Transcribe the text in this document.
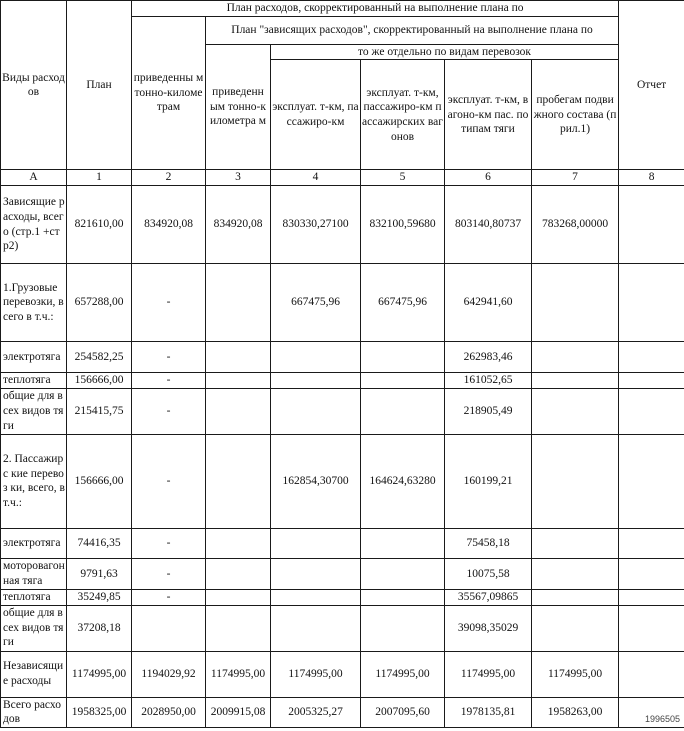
Виды расходов	План	План расходов, скорректированный на выполнение плана по						Отчет
		приведенны м тонно-километрам	План "зависящих расходов", скорректированный на выполнение плана по					
			приведенн ым тонно-километра м	то же отдельно по видам перевозок				
				эксплуат. т-км, пассажиро-км	эксплуат. т-км, пассажиро-км пассажирских вагонов	эксплуат. т-км, вагоно-км пас. по типам тяги	пробегам подвижного состава (прил.1)	
А	1	2	3	4	5	6	7	8
Зависящие расходы, всего (стр.1 +стр2)	821610,00	834920,08	834920,08	830330,27100	832100,59680	803140,80737	783268,00000	
1.Грузовые перевозки, всего в т.ч.:	657288,00	-		667475,96	667475,96	642941,60		
электротяга	254582,25	-				262983,46		
теплотяга	156666,00	-				161052,65		
общие для всех видов тяги	215415,75	-				218905,49		
2. Пассажирс кие перевоз ки, всего, в т.ч.:	156666,00	-		162854,30700	164624,63280	160199,21		
электротяга	74416,35	-				75458,18		
моторовагонная тяга	9791,63	-				10075,58		
теплотяга	35249,85	-				35567,09865		
общие для всех видов тяги	37208,18					39098,35029		
Независящие расходы	1174995,00	1194029,92	1174995,00	1174995,00	1174995,00	1174995,00	1174995,00	
Всего расходов	1958325,00	2028950,00	2009915,08	2005325,27	2007095,60	1978135,81	1958263,00	
1996505
